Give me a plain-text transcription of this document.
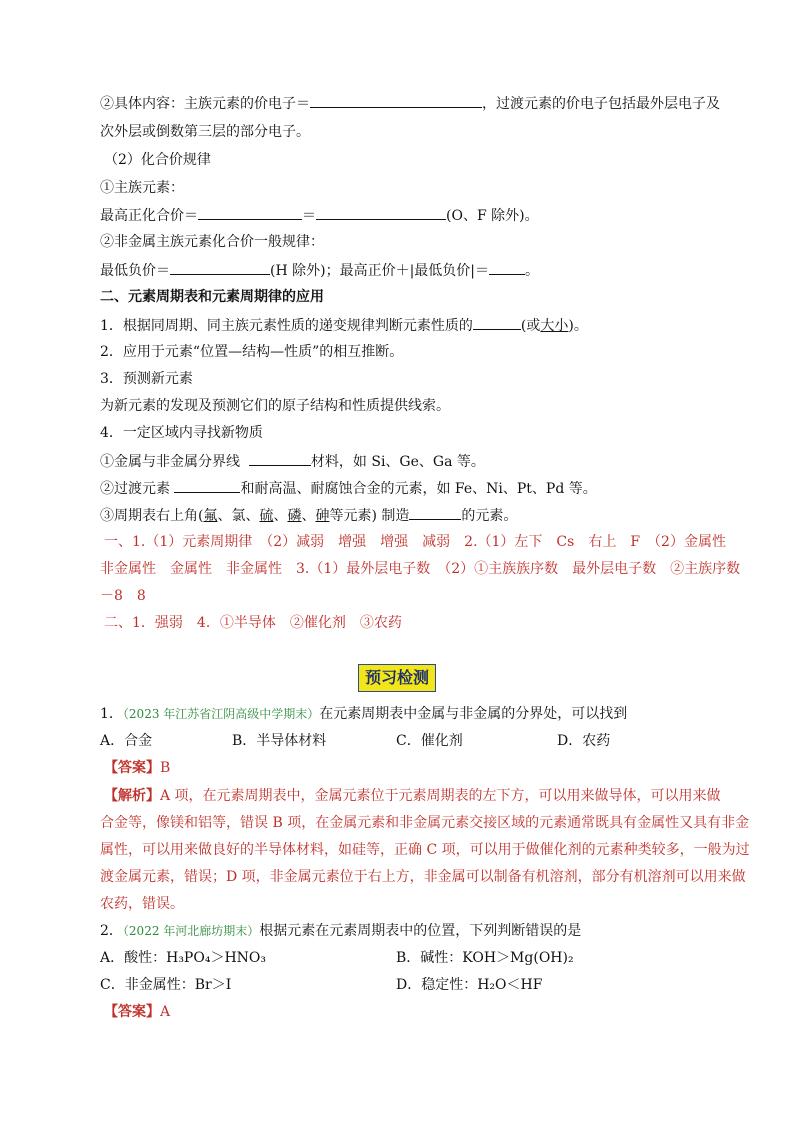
②具体内容：主族元素的价电子＝	，过渡元素的价电子包括最外层电子及
次外层或倒数第三层的部分电子。
（2）化合价规律
①主族元素：
最高正化合价＝	＝	(O、F 除外)。
②非金属主族元素化合价一般规律：
最低负价＝	(H 除外)；最高正价＋|最低负价|＝	。
二、元素周期表和元素周期律的应用
1．根据同周期、同主族元素性质的递变规律判断元素性质的	(或大小)。
2．应用于元素“位置—结构—性质”的相互推断。
3．预测新元素
为新元素的发现及预测它们的原子结构和性质提供线索。
4．一定区域内寻找新物质
①金属与非金属分界线	材料，如 Si、Ge、Ga 等。
②过渡元素	和耐高温、耐腐蚀合金的元素，如 Fe、Ni、Pt、Pd 等。
③周期表右上角(氟、氯、硫、磷、砷等元素) 制造	的元素。
一、1.（1）元素周期律　（2）减弱　增强　增强　减弱　2.（1）左下　Cs　右上　F　（2）金属性
非金属性　金属性　非金属性　3.（1）最外层电子数　（2）①主族族序数　最外层电子数　②主族序数
－8　8
二、1．强弱　4．①半导体　②催化剂　③农药
预习检测
1．（2023 年江苏省江阴高级中学期末）在元素周期表中金属与非金属的分界处，可以找到
A．合金	B．半导体材料	C．催化剂	D．农药
【答案】B
【解析】A 项，在元素周期表中，金属元素位于元素周期表的左下方，可以用来做导体，可以用来做
合金等，像镁和铝等，错误 B 项，在金属元素和非金属元素交接区域的元素通常既具有金属性又具有非金
属性，可以用来做良好的半导体材料，如硅等，正确 C 项，可以用于做催化剂的元素种类较多，一般为过
渡金属元素，错误；D 项，非金属元素位于右上方，非金属可以制备有机溶剂，部分有机溶剂可以用来做
农药，错误。
2．（2022 年河北廊坊期末）根据元素在元素周期表中的位置，下列判断错误的是
A．酸性：H₃PO₄＞HNO₃	B．碱性：KOH＞Mg(OH)₂
C．非金属性：Br＞I	D．稳定性：H₂O＜HF
【答案】A
